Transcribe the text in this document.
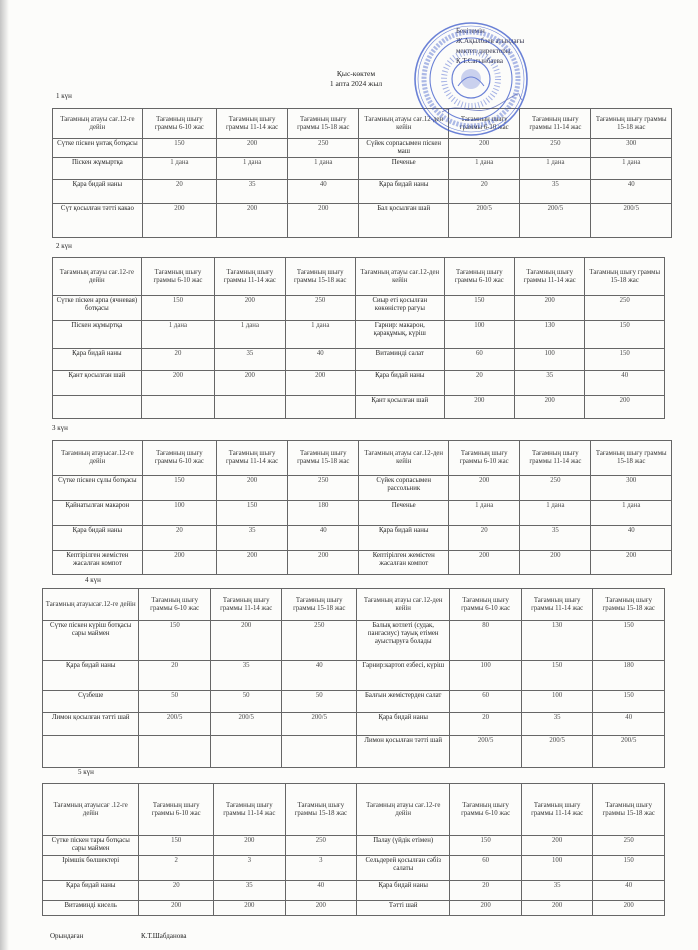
Бекітемін
Ж.Ақылбаев атындағы
мектеп директоры
К.Т.Сағынбаева
Қыс-көктем
1 апта 2024 жыл
1 күн
Тағамның атауы сағ.12-ге дейін	Тағамның шығу граммы 6-10 жас	Тағамның шығу граммы 11-14 жас	Тағамның шығу граммы 15-18 жас	Тағамның атауы сағ.12-ден кейін	Тағамның шығу граммы 6-10 жас	Тағамның шығу граммы 11-14 жас	Тағамның шығу граммы 15-18 жас
Сүтке піскен ұнтақ ботқасы	150	200	250	Сүйек сорпасымен піскен маш	200	250	300
Піскен жұмыртқа	1 дана	1 дана	1 дана	Печенье	1 дана	1 дана	1 дана
Қара бидай наны	20	35	40	Қара бидай наны	20	35	40
Сүт қосылған тәтті какао	200	200	200	Бал қосылған шай	200/5	200/5	200/5
2 күн
Тағамның атауы сағ.12-ге дейін	Тағамның шығу граммы 6-10 жас	Тағамның шығу граммы 11-14 жас	Тағамның шығу граммы 15-18 жас	Тағамның атауы сағ.12-ден кейін	Тағамның шығу граммы 6-10 жас	Тағамның шығу граммы 11-14 жас	Тағамның шығу граммы 15-18 жас
Сүтке піскен арпа (ячневая) ботқасы	150	200	250	Сиыр еті қосылған көкөністер рагуы	150	200	250
Піскен жұмыртқа	1 дана	1 дана	1 дана	Гарнир: макарон, қарақұмық, күріш	100	130	150
Қара бидай наны	20	35	40	Витаминді салат	60	100	150
Қант қосылған шай	200	200	200	Қара бидай наны	20	35	40
				Қант қосылған шай	200	200	200
3 күн
Тағамның атауысағ.12-ге дейін	Тағамның шығу граммы 6-10 жас	Тағамның шығу граммы 11-14 жас	Тағамның шығу граммы 15-18 жас	Тағамның атауы сағ.12-ден кейін	Тағамның шығу граммы 6-10 жас	Тағамның шығу граммы 11-14 жас	Тағамның шығу граммы 15-18 жас
Сүтке піскен сұлы ботқасы	150	200	250	Сүйек сорпасымен рассольник	200	250	300
Қайнатылған макарон	100	150	180	Печенье	1 дана	1 дана	1 дана
Қара бидай наны	20	35	40	Қара бидай наны	20	35	40
Кептірілген жемістен жасалған компот	200	200	200	Кептірілген жемістен жасалған компот	200	200	200
4 күн
Тағамның атауысағ.12-ге дейін	Тағамның шығу граммы 6-10 жас	Тағамның шығу граммы 11-14 жас	Тағамның шығу граммы 15-18 жас	Тағамның атауы сағ.12-ден кейін	Тағамның шығу граммы 6-10 жас	Тағамның шығу граммы 11-14 жас	Тағамның шығу граммы 15-18 жас
Сүтке піскен күріш ботқасы сары маймен	150	200	250	Балық котлеті (судак, пангасиус) тауық етімен ауыстыруға болады	80	130	150
Қара бидай наны	20	35	40	Гарнир:картоп езбесі, күріш	100	150	180
Сүзбеше	50	50	50	Балғын жемістерден салат	60	100	150
Лимон қосылған тәтті шай	200/5	200/5	200/5	Қара бидай наны	20	35	40
				Лимон қосылған тәтті шай	200/5	200/5	200/5
5 күн
Тағамның атауысағ .12-ге дейін	Тағамның шығу граммы 6-10 жас	Тағамның шығу граммы 11-14 жас	Тағамның шығу граммы 15-18 жас	Тағамның атауы сағ.12-ге дейін	Тағамның шығу граммы 6-10 жас	Тағамның шығу граммы 11-14 жас	Тағамның шығу граммы 15-18 жас
Сүтке піскен тары ботқасы сары маймен	150	200	250	Палау (үйдік етімен)	150	200	250
Ірімшік бөлшектері	2	3	3	Сельдерей қосылған сәбіз салаты	60	100	150
Қара бидай наны	20	35	40	Қара бидай наны	20	35	40
Витаминді кисель	200	200	200	Тәтті шай	200	200	200
Орындаған	К.Т.Шабданова
